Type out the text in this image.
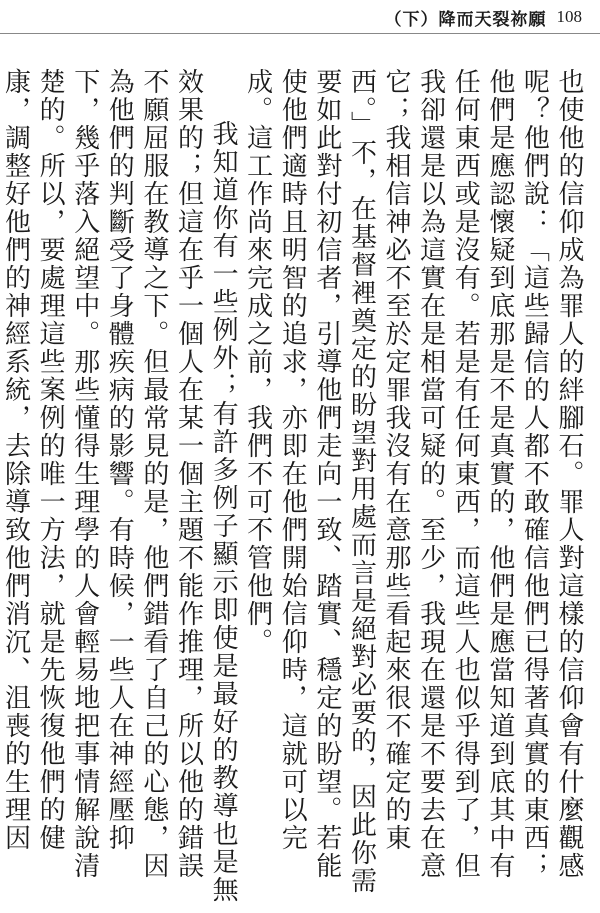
（下）降而天裂祢願 108

也使他的信仰成為罪人的絆腳石。罪人對這樣的信仰會有什麼觀感呢？他們說：「這些歸信的人都不敢確信他們已得著真實的東西；他們是應認懷疑到底那是不是真實的，他們是應當知道到底其中有任何東西或是沒有。若是有任何東西，而這些人也似乎得到了，但我卻還是以為這實在是相當可疑的。至少，我現在還是不要去在意它；我相信神必不至於定罪我沒有在意那些看起來很不確定的東西。」不，在基督裡奠定的盼望對用處而言是絕對必要的，因此你需要如此對付初信者，引導他們走向一致、踏實、穩定的盼望。若能使他們適時且明智的追求，亦即在他們開始信仰時，這就可以完成。這工作尚來完成之前，我們不可不管他們。

我知道你有一些例外；有許多例子顯示即使是最好的教導也是無效果的；但這在乎一個人在某一個主題不能作推理，所以他的錯誤不願屈服在教導之下。但最常見的是，他們錯看了自己的心態，因為他們的判斷受了身體疾病的影響。有時候，一些人在神經壓抑下，幾乎落入絕望中。那些懂得生理學的人會輕易地把事情解說清楚的。所以，要處理這些案例的唯一方法，就是先恢復他們的健康，調整好他們的神經系統，去除導致他們消沉、沮喪的生理因
